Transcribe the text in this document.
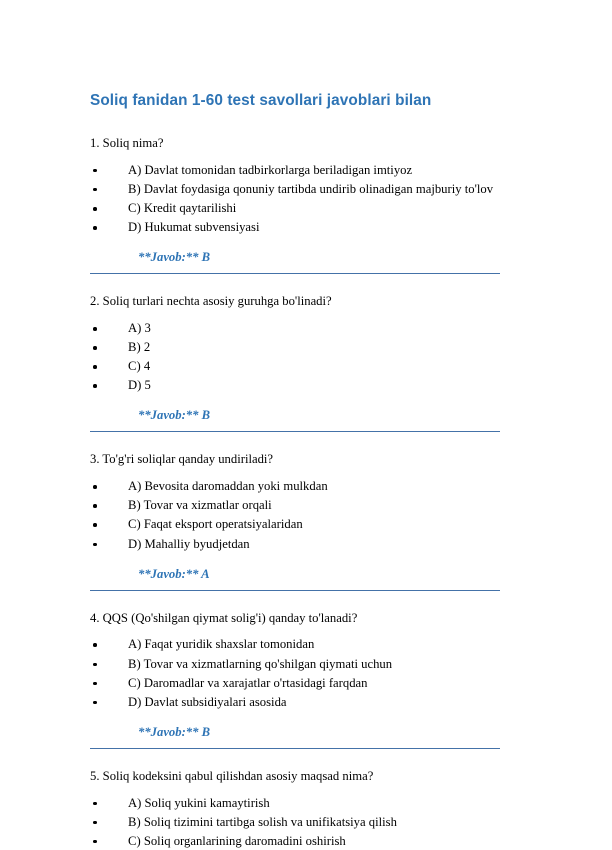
Soliq fanidan 1-60 test savollari javoblari bilan

1. Soliq nima?

A) Davlat tomonidan tadbirkorlarga beriladigan imtiyoz
B) Davlat foydasiga qonuniy tartibda undirib olinadigan majburiy to'lov
C) Kredit qaytarilishi
D) Hukumat subvensiyasi
**Javob:** B

2. Soliq turlari nechta asosiy guruhga bo'linadi?

A) 3
B) 2
C) 4
D) 5
**Javob:** B

3. To'g'ri soliqlar qanday undiriladi?

A) Bevosita daromaddan yoki mulkdan
B) Tovar va xizmatlar orqali
C) Faqat eksport operatsiyalaridan
D) Mahalliy byudjetdan
**Javob:** A

4. QQS (Qo'shilgan qiymat solig'i) qanday to'lanadi?

A) Faqat yuridik shaxslar tomonidan
B) Tovar va xizmatlarning qo'shilgan qiymati uchun
C) Daromadlar va xarajatlar o'rtasidagi farqdan
D) Davlat subsidiyalari asosida
**Javob:** B

5. Soliq kodeksini qabul qilishdan asosiy maqsad nima?

A) Soliq yukini kamaytirish
B) Soliq tizimini tartibga solish va unifikatsiya qilish
C) Soliq organlarining daromadini oshirish
